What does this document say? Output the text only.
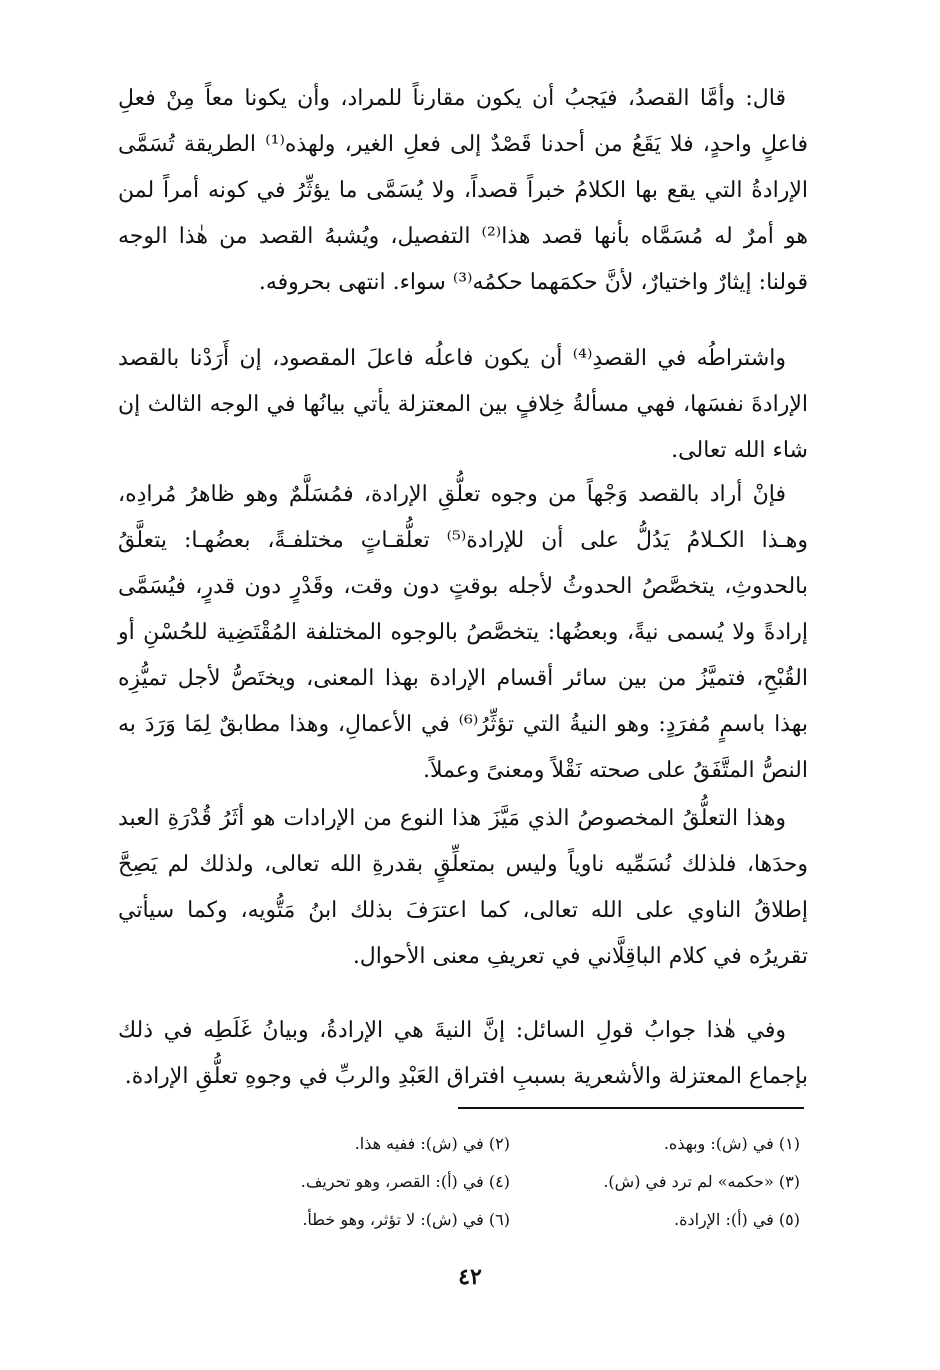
قال: وأمَّا القصدُ، فيَجبُ أن يكون مقارناً للمراد، وأن يكونا معاً مِنْ فعلِ فاعلٍ واحدٍ، فلا يَقَعُ من أحدنا قَصْدٌ إلى فعلِ الغير، ولهذه⁽¹⁾ الطريقة تُسَمَّى الإرادةُ التي يقع بها الكلامُ خبراً قصداً، ولا يُسَمَّى ما يؤثِّرُ في كونه أمراً لمن هو أمرٌ له مُسَمَّاه بأنها قصد هذا⁽²⁾ التفصيل، ويُشبهُ القصد من هٰذا الوجه قولنا: إيثارٌ واختيارٌ، لأنَّ حكمَهما حكمُه⁽³⁾ سواء. انتهى بحروفه.

واشتراطُه في القصدِ⁽⁴⁾ أن يكون فاعلُه فاعلَ المقصود، إن أَرَدْنا بالقصد الإرادةَ نفسَها، فهي مسألةُ خِلافٍ بين المعتزلة يأتي بيانُها في الوجه الثالث إن شاء الله تعالى.

فإنْ أراد بالقصد وَجْهاً من وجوه تعلُّقِ الإرادة، فمُسَلَّمٌ وهو ظاهرُ مُرادِه، وهـذا الكـلامُ يَدُلُّ على أن للإرادة⁽⁵⁾ تعلُّقـاتٍ مختلفـةً، بعضُهـا: يتعلَّقُ بالحدوثِ، يتخصَّصُ الحدوثُ لأجله بوقتٍ دون وقت، وقَدْرٍ دون قدرٍ، فيُسَمَّى إرادةً ولا يُسمى نيةً، وبعضُها: يتخصَّصُ بالوجوه المختلفة المُقْتَضِية للحُسْنِ أو القُبْحِ، فتميَّزُ من بين سائر أقسام الإرادة بهذا المعنى، ويختَصُّ لأجل تميُّزِه بهذا باسمٍ مُفرَدٍ: وهو النيةُ التي تؤثِّرُ⁽⁶⁾ في الأعمالِ، وهذا مطابقٌ لِمَا وَرَدَ به النصُّ المتَّفَقُ على صحته نَقْلاً ومعنىً وعملاً.

وهذا التعلُّقُ المخصوصُ الذي مَيَّزَ هذا النوع من الإرادات هو أثَرُ قُدْرَةِ العبد وحدَها، فلذلك نُسَمِّيه ناوياً وليس بمتعلِّقٍ بقدرةِ الله تعالى، ولذلك لم يَصِحَّ إطلاقُ الناوي على الله تعالى، كما اعترَفَ بذلك ابنُ مَتُّويه، وكما سيأتي تقريرُه في كلام الباقِلَّاني في تعريفِ معنى الأحوال.

وفي هٰذا جوابُ قولِ السائل: إنَّ النيةَ هي الإرادةُ، وبيانُ غَلَطِه في ذلك بإجماع المعتزلة والأشعرية بسببِ افتراق العَبْدِ والربِّ في وجوهِ تعلُّقِ الإرادة.

(١) في (ش): وبهذه.
(٢) في (ش): ففيه هذا.
(٣) «حكمه» لم ترد في (ش).
(٤) في (أ): القصر، وهو تحريف.
(٥) في (أ): الإرادة.
(٦) في (ش): لا تؤثر، وهو خطأ.
٤٢
